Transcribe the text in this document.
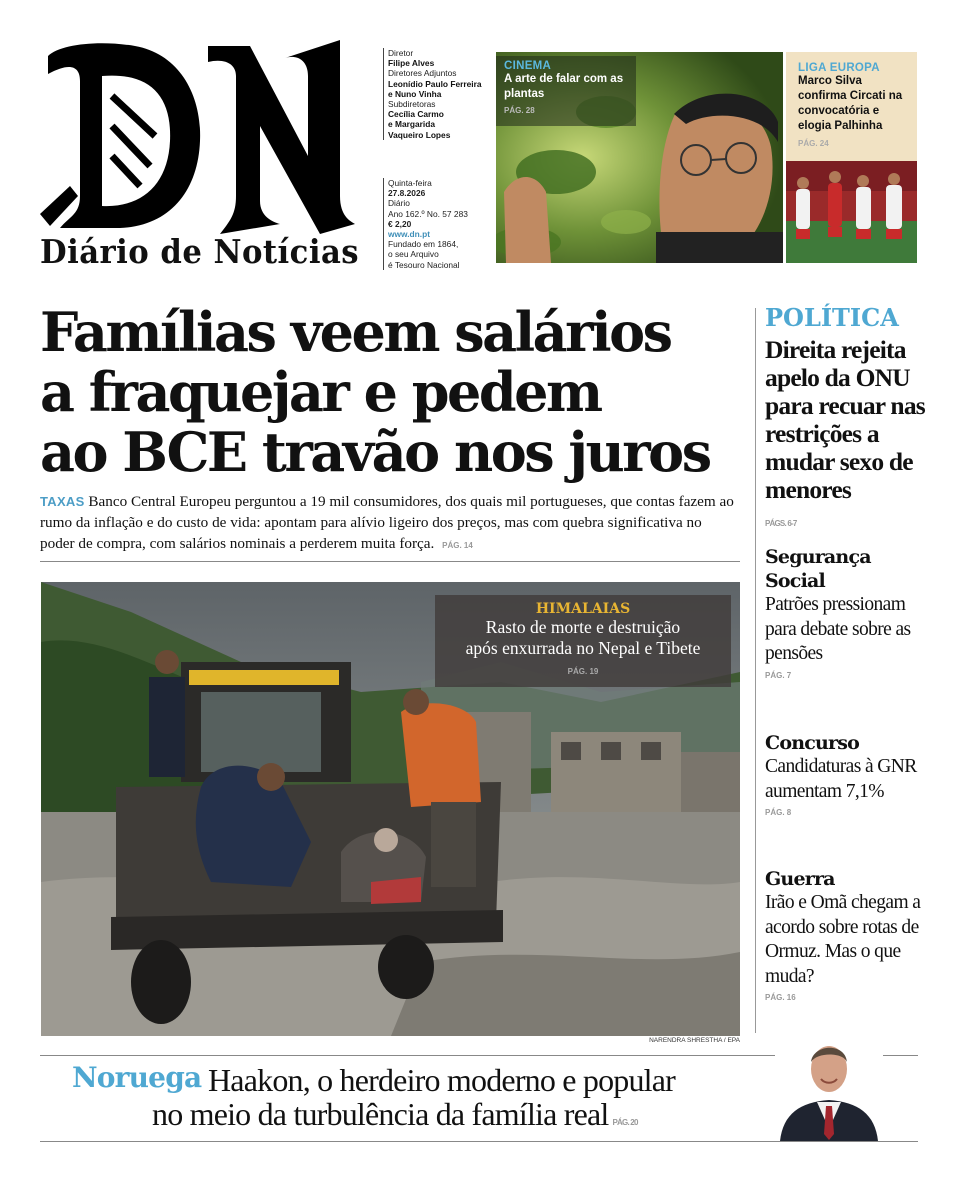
Diário de Notícias
Diretor
Filipe Alves
Diretores Adjuntos
Leonídio Paulo Ferreira
e Nuno Vinha
Subdiretoras
Cecília Carmo
e Margarida
Vaqueiro Lopes
Quinta-feira
27.8.2026
Diário
Ano 162.º No. 57 283
€ 2,20
www.dn.pt
Fundado em 1864,
o seu Arquivo
é Tesouro Nacional
CINEMA
A arte de falar com as plantas
PÁG. 28
LIGA EUROPA
Marco Silva confirma Circati na convocatória e elogia Palhinha
PÁG. 24
Famílias veem salários
a fraquejar e pedem
ao BCE travão nos juros
TAXAS Banco Central Europeu perguntou a 19 mil consumidores, dos quais mil portugueses, que contas fazem ao rumo da inflação e do custo de vida: apontam para alívio ligeiro dos preços, mas com quebra significativa no poder de compra, com salários nominais a perderem muita força. PÁG. 14
HIMALAIAS
Rasto de morte e destruição
após enxurrada no Nepal e Tibete
PÁG. 19
NARENDRA SHRESTHA / EPA
POLÍTICA
Direita rejeita apelo da ONU para recuar nas restrições a mudar sexo de menores
PÁGS. 6-7
Segurança Social
Patrões pressionam para debate sobre as pensões
PÁG. 7
Concurso
Candidaturas à GNR aumentam 7,1%
PÁG. 8
Guerra
Irão e Omã chegam a acordo sobre rotas de Ormuz. Mas o que muda?
PÁG. 16
Noruega Haakon, o herdeiro moderno e popular
no meio da turbulência da família real PÁG. 20
